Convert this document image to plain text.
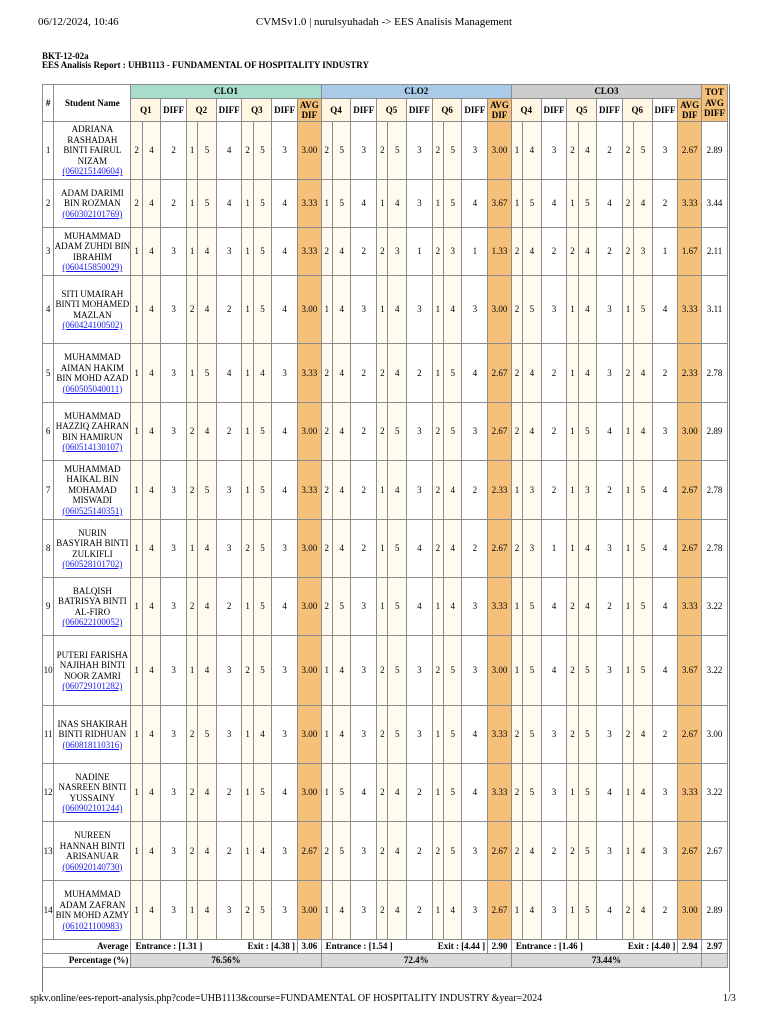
06/12/2024, 10:46	CVMSv1.0 | nurulsyuhadah -> EES Analisis Management
BKT-12-02a
EES Analisis Report : UHB1113 - FUNDAMENTAL OF HOSPITALITY INDUSTRY
#	Student Name	CLO1										CLO2										CLO3										TOT AVG DIFF
		Q1		DIFF	Q2		DIFF	Q3		DIFF	AVG DIF	Q4		DIFF	Q5		DIFF	Q6		DIFF	AVG DIF	Q4		DIFF	Q5		DIFF	Q6		DIFF	AVG DIF	
1	ADRIANA RASHADAH BINTI FAIRUL NIZAM
(060215140604)	2	4	2	1	5	4	2	5	3	3.00	2	5	3	2	5	3	2	5	3	3.00	1	4	3	2	4	2	2	5	3	2.67	2.89
2	ADAM DARIMI BIN ROZMAN
(060302101769)	2	4	2	1	5	4	1	5	4	3.33	1	5	4	1	4	3	1	5	4	3.67	1	5	4	1	5	4	2	4	2	3.33	3.44
3	MUHAMMAD ADAM ZUHDI BIN IBRAHIM
(060415850029)	1	4	3	1	4	3	1	5	4	3.33	2	4	2	2	3	1	2	3	1	1.33	2	4	2	2	4	2	2	3	1	1.67	2.11
4	SITI UMAIRAH BINTI MOHAMED MAZLAN
(060424100502)	1	4	3	2	4	2	1	5	4	3.00	1	4	3	1	4	3	1	4	3	3.00	2	5	3	1	4	3	1	5	4	3.33	3.11
5	MUHAMMAD AIMAN HAKIM BIN MOHD AZAD
(060505040011)	1	4	3	1	5	4	1	4	3	3.33	2	4	2	2	4	2	1	5	4	2.67	2	4	2	1	4	3	2	4	2	2.33	2.78
6	MUHAMMAD HAZZIQ ZAHRAN BIN HAMIRUN
(060514130107)	1	4	3	2	4	2	1	5	4	3.00	2	4	2	2	5	3	2	5	3	2.67	2	4	2	1	5	4	1	4	3	3.00	2.89
7	MUHAMMAD HAIKAL BIN MOHAMAD MISWADI
(060525140351)	1	4	3	2	5	3	1	5	4	3.33	2	4	2	1	4	3	2	4	2	2.33	1	3	2	1	3	2	1	5	4	2.67	2.78
8	NURIN BASYIRAH BINTI ZULKIFLI
(060528101702)	1	4	3	1	4	3	2	5	3	3.00	2	4	2	1	5	4	2	4	2	2.67	2	3	1	1	4	3	1	5	4	2.67	2.78
9	BALQISH BATRISYA BINTI AL-FIRO
(060622100052)	1	4	3	2	4	2	1	5	4	3.00	2	5	3	1	5	4	1	4	3	3.33	1	5	4	2	4	2	1	5	4	3.33	3.22
10	PUTERI FARISHA NAJIHAH BINTI NOOR ZAMRI
(060729101282)	1	4	3	1	4	3	2	5	3	3.00	1	4	3	2	5	3	2	5	3	3.00	1	5	4	2	5	3	1	5	4	3.67	3.22
11	INAS SHAKIRAH BINTI RIDHUAN
(060818110316)	1	4	3	2	5	3	1	4	3	3.00	1	4	3	2	5	3	1	5	4	3.33	2	5	3	2	5	3	2	4	2	2.67	3.00
12	NADINE NASREEN BINTI YUSSAINY
(060902101244)	1	4	3	2	4	2	1	5	4	3.00	1	5	4	2	4	2	1	5	4	3.33	2	5	3	1	5	4	1	4	3	3.33	3.22
13	NUREEN HANNAH BINTI ARISANUAR
(060920140730)	1	4	3	2	4	2	1	4	3	2.67	2	5	3	2	4	2	2	5	3	2.67	2	4	2	2	5	3	1	4	3	2.67	2.67
14	MUHAMMAD ADAM ZAFRAN BIN MOHD AZMY
(061021100983)	1	4	3	1	4	3	2	5	3	3.00	1	4	3	2	4	2	1	4	3	2.67	1	4	3	1	5	4	2	4	2	3.00	2.89
Average		Entrance : [1.31 ] Exit : [4.38 ]									3.06	Entrance : [1.54 ] Exit : [4.44 ]									2.90	Entrance : [1.46 ] Exit : [4.40 ]									2.94	2.97
Percentage (%)		76.56%										72.4%										73.44%										
spkv.online/ees-report-analysis.php?code=UHB1113&course=FUNDAMENTAL OF HOSPITALITY INDUSTRY &year=2024	1/3
